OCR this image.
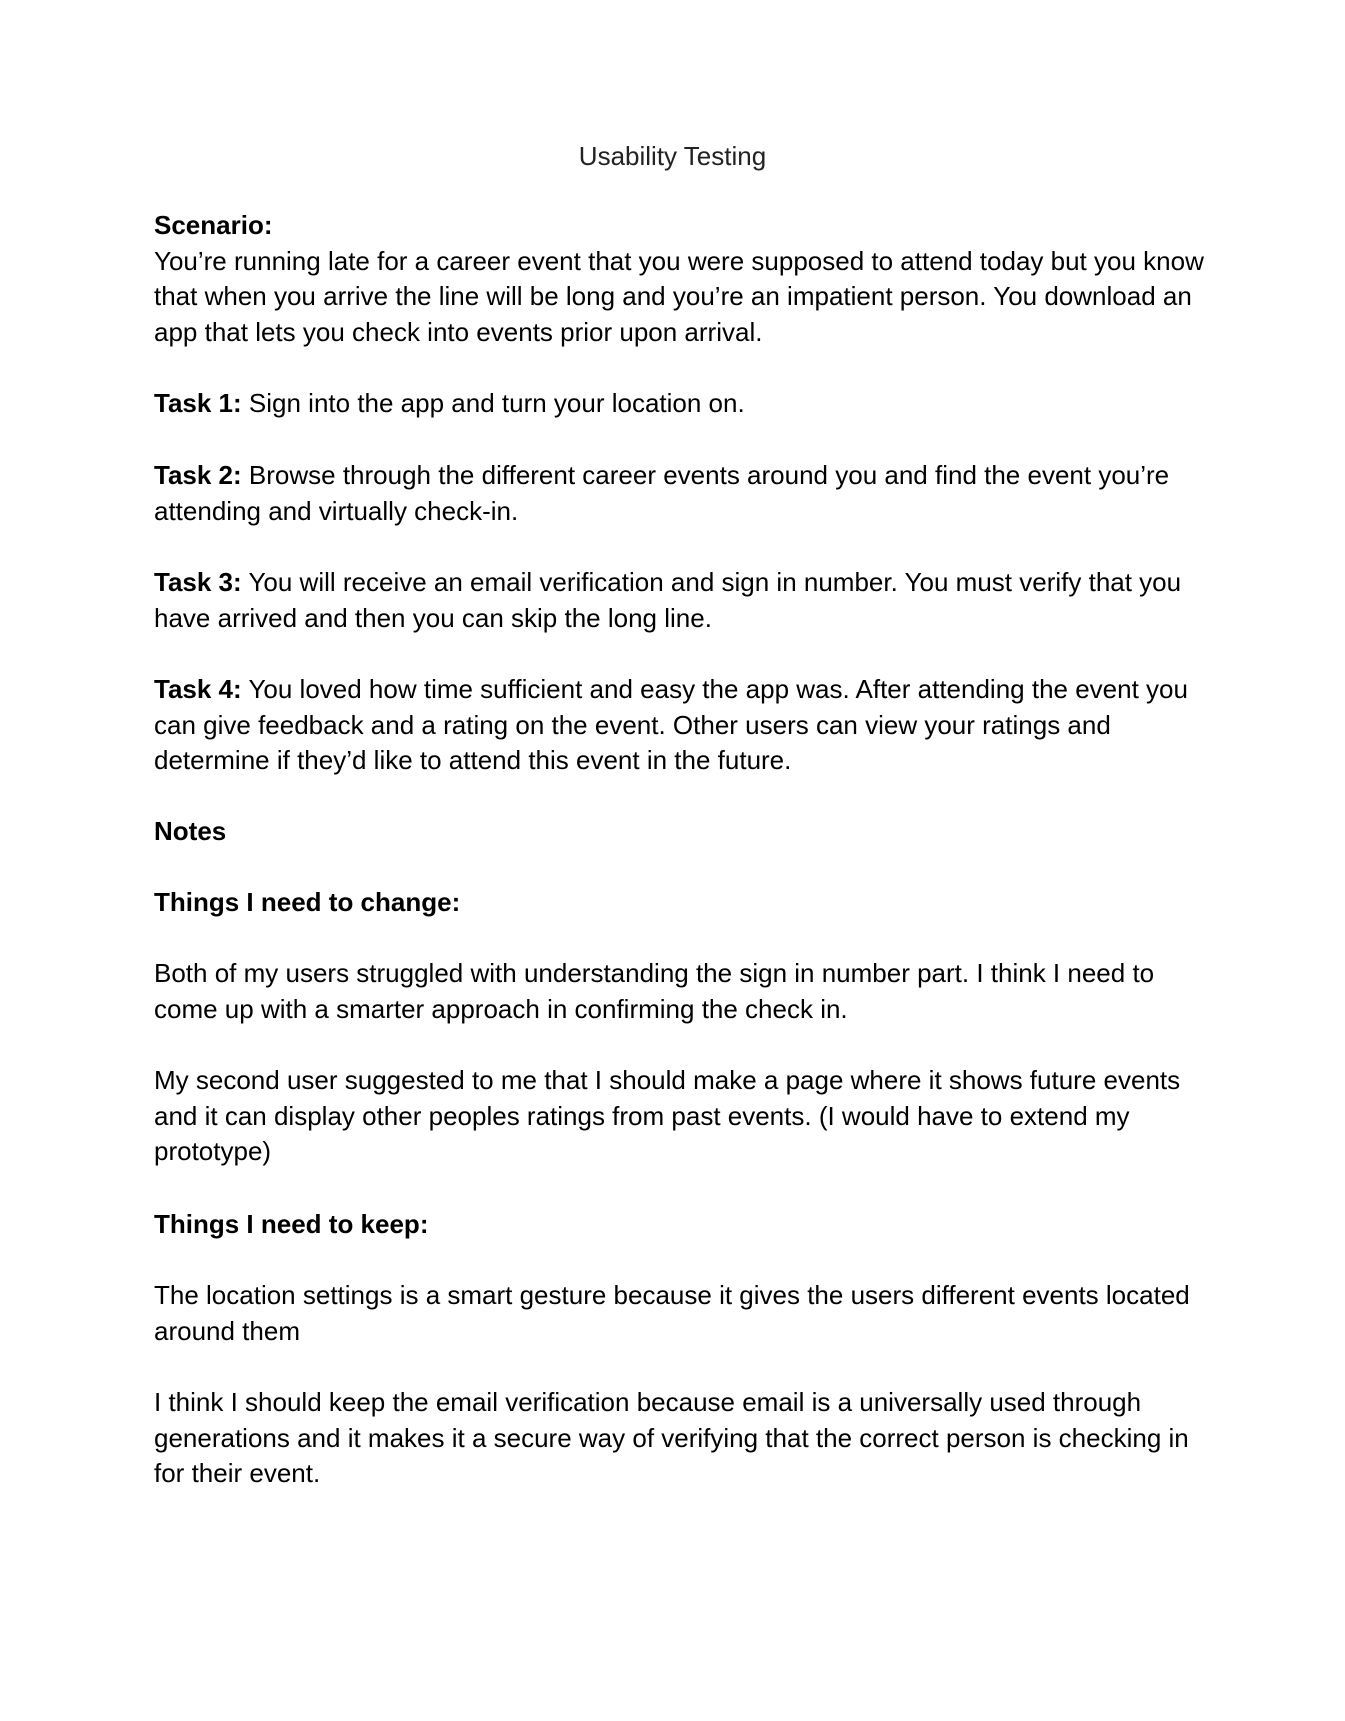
Usability Testing

Scenario:

You’re running late for a career event that you were supposed to attend today but you know that when you arrive the line will be long and you’re an impatient person. You download an app that lets you check into events prior upon arrival.

Task 1: Sign into the app and turn your location on.

Task 2: Browse through the different career events around you and find the event you’re attending and virtually check-in.

Task 3: You will receive an email verification and sign in number. You must verify that you have arrived and then you can skip the long line.

Task 4: You loved how time sufficient and easy the app was. After attending the event you can give feedback and a rating on the event. Other users can view your ratings and determine if they’d like to attend this event in the future.

Notes
Things I need to change:
Both of my users struggled with understanding the sign in number part. I think I need to come up with a smarter approach in confirming the check in.
My second user suggested to me that I should make a page where it shows future events and it can display other peoples ratings from past events. (I would have to extend my prototype)
Things I need to keep:
The location settings is a smart gesture because it gives the users different events located around them
I think I should keep the email verification because email is a universally used through generations and it makes it a secure way of verifying that the correct person is checking in for their event.
